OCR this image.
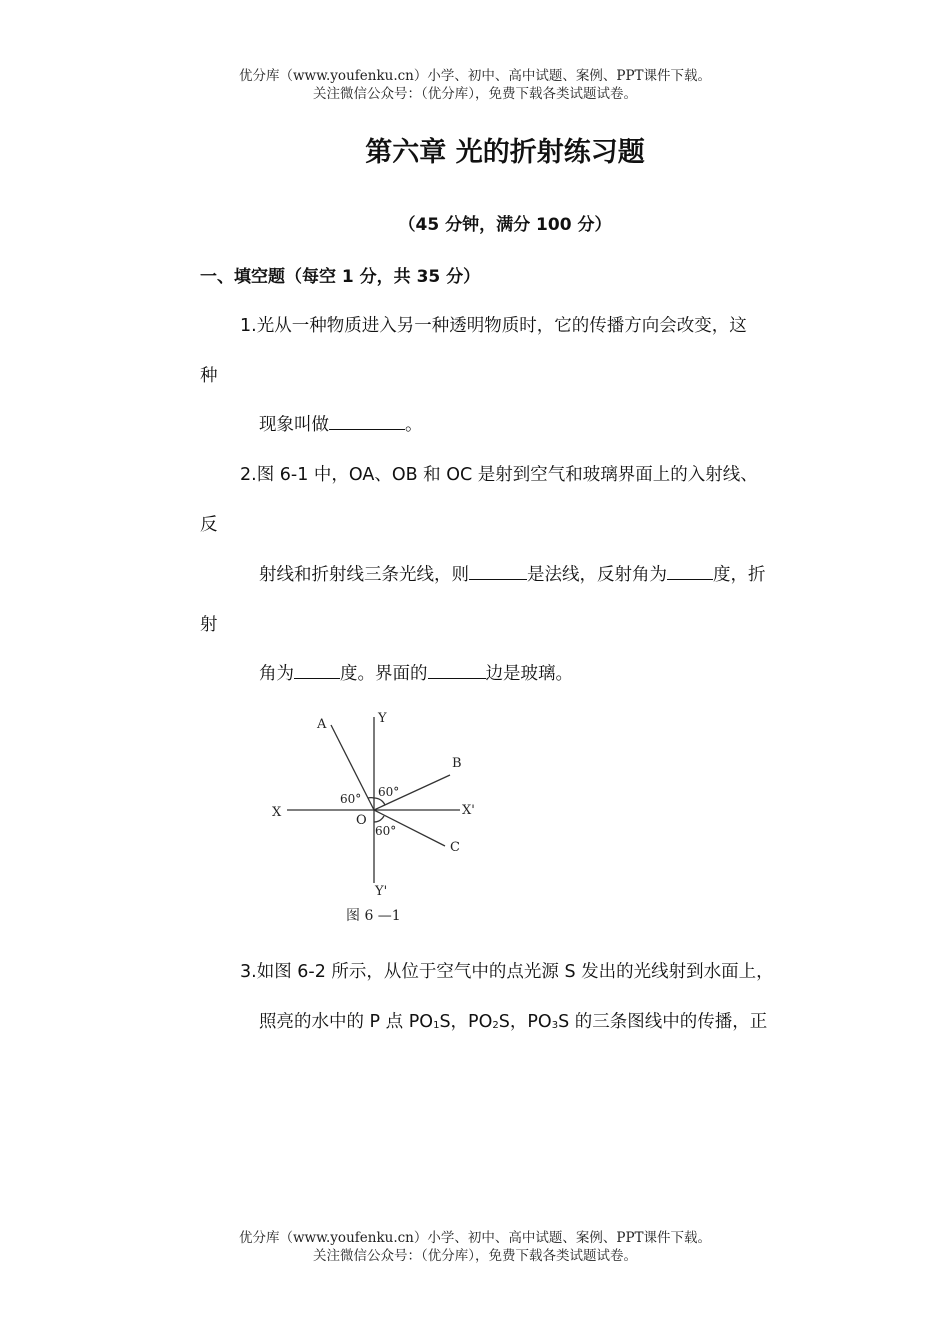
优分库（www.youfenku.cn）小学、初中、高中试题、案例、PPT课件下载。
关注微信公众号：（优分库），免费下载各类试题试卷。
第六章 光的折射练习题
（45 分钟，满分 100 分）
一、填空题（每空 1 分，共 35 分）
1.光从一种物质进入另一种透明物质时，它的传播方向会改变，这
种
现象叫做	。
2.图 6-1 中，OA、OB 和 OC 是射到空气和玻璃界面上的入射线、
反
射线和折射线三条光线，则	是法线，反射角为	度，折
射
角为	度。界面的	边是玻璃。
A	Y
B
X	X'
O
C
Y'
60° 60°
60°
图 6 —1
3.如图 6-2 所示，从位于空气中的点光源 S 发出的光线射到水面上，
照亮的水中的 P 点 $PO_1S$，$PO_2S$，$PO_3S$ 的三条图线中的传播，正
优分库（www.youfenku.cn）小学、初中、高中试题、案例、PPT课件下载。
关注微信公众号：（优分库），免费下载各类试题试卷。
